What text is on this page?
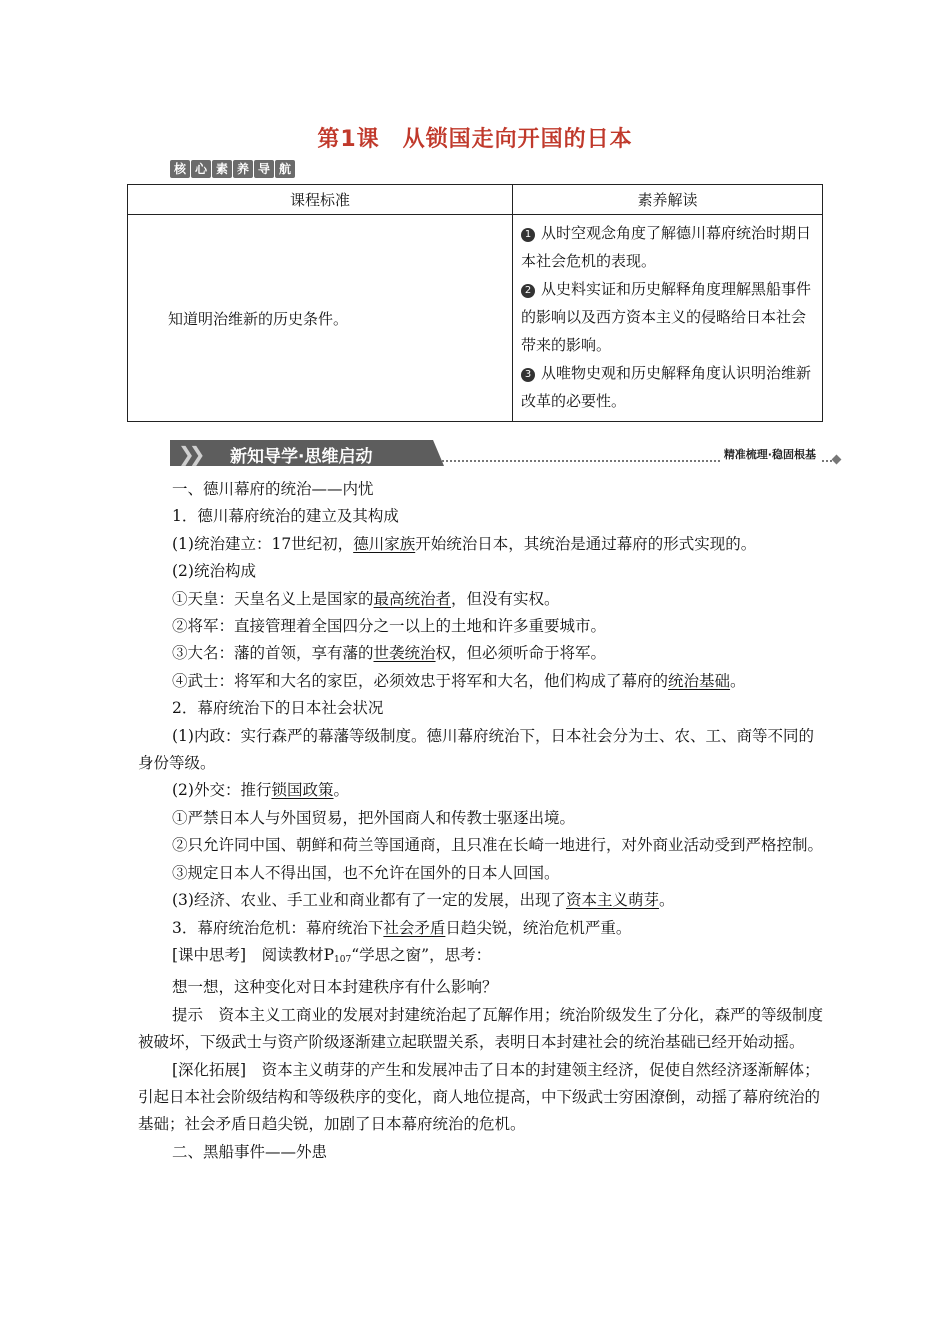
第1课　从锁国走向开国的日本
核 心 素 养 导 航
课程标准	素养解读
知道明治维新的历史条件。	1 从时空观念角度了解德川幕府统治时期日本社会危机的表现。
2 从史料实证和历史解释角度理解黑船事件的影响以及西方资本主义的侵略给日本社会带来的影响。
3 从唯物史观和历史解释角度认识明治维新改革的必要性。
❯❯ 新知导学·思维启动	精准梳理·稳固根基

一、德川幕府的统治——内忧

1．德川幕府统治的建立及其构成

(1)统治建立：17世纪初，德川家族开始统治日本，其统治是通过幕府的形式实现的。

(2)统治构成

①天皇：天皇名义上是国家的最高统治者，但没有实权。

②将军：直接管理着全国四分之一以上的土地和许多重要城市。

③大名：藩的首领，享有藩的世袭统治权，但必须听命于将军。

④武士：将军和大名的家臣，必须效忠于将军和大名，他们构成了幕府的统治基础。

2．幕府统治下的日本社会状况

(1)内政：实行森严的幕藩等级制度。德川幕府统治下，日本社会分为士、农、工、商等不同的身份等级。

(2)外交：推行锁国政策。

①严禁日本人与外国贸易，把外国商人和传教士驱逐出境。

②只允许同中国、朝鲜和荷兰等国通商，且只准在长崎一地进行，对外商业活动受到严格控制。

③规定日本人不得出国，也不允许在国外的日本人回国。

(3)经济、农业、手工业和商业都有了一定的发展，出现了资本主义萌芽。

3．幕府统治危机：幕府统治下社会矛盾日趋尖锐，统治危机严重。

[课中思考]　阅读教材$P_{107}“$学思之窗”，思考：

想一想，这种变化对日本封建秩序有什么影响？

提示　资本主义工商业的发展对封建统治起了瓦解作用；统治阶级发生了分化，森严的等级制度被破坏，下级武士与资产阶级逐渐建立起联盟关系，表明日本封建社会的统治基础已经开始动摇。

[深化拓展]　资本主义萌芽的产生和发展冲击了日本的封建领主经济，促使自然经济逐渐解体；引起日本社会阶级结构和等级秩序的变化，商人地位提高，中下级武士穷困潦倒，动摇了幕府统治的基础；社会矛盾日趋尖锐，加剧了日本幕府统治的危机。

二、黑船事件——外患
